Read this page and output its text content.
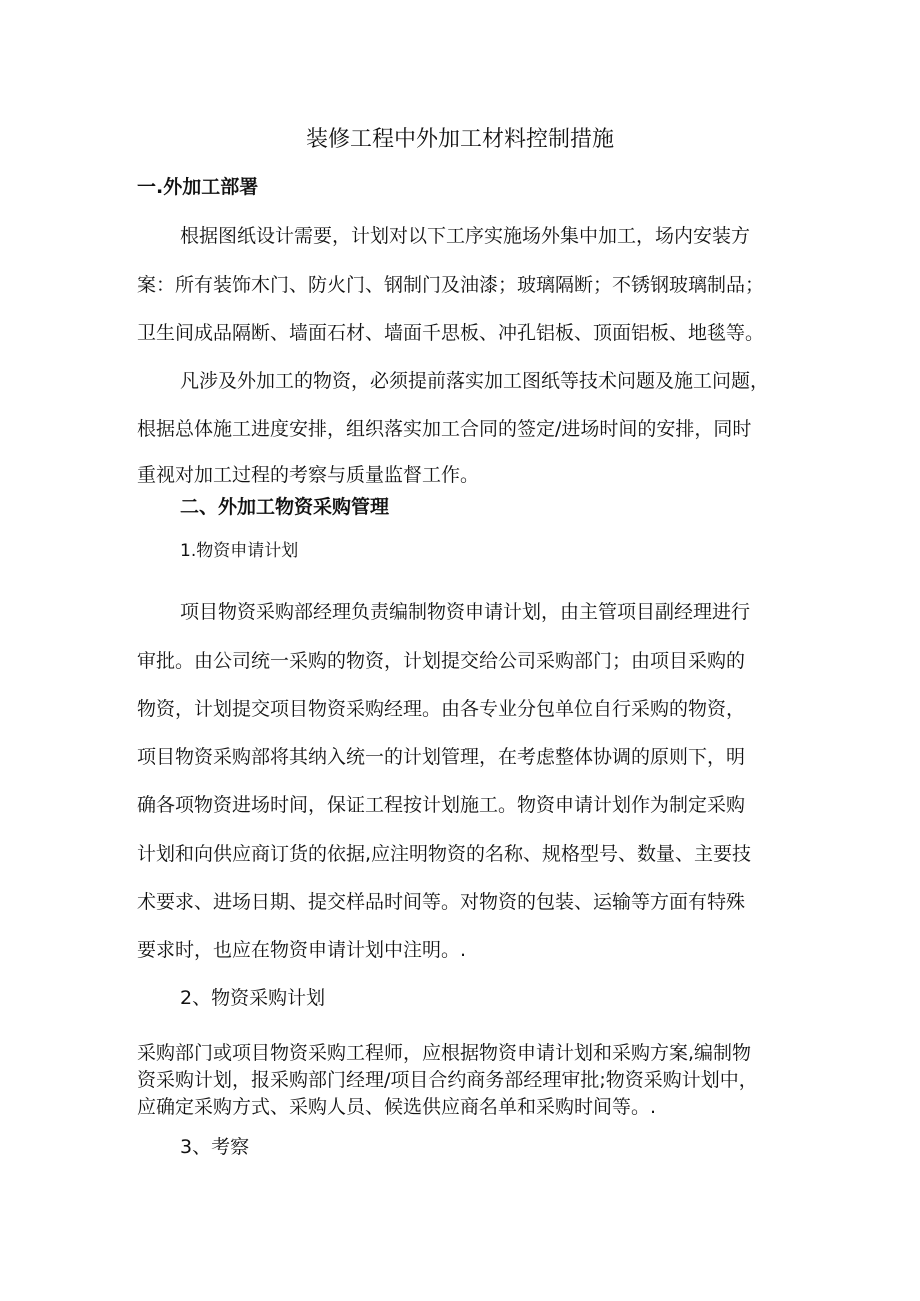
装修工程中外加工材料控制措施
一.外加工部署
根据图纸设计需要，计划对以下工序实施场外集中加工，场内安装方
案：所有装饰木门、防火门、钢制门及油漆；玻璃隔断；不锈钢玻璃制品；
卫生间成品隔断、墙面石材、墙面千思板、冲孔铝板、顶面铝板、地毯等。
凡涉及外加工的物资，必须提前落实加工图纸等技术问题及施工问题，
根据总体施工进度安排，组织落实加工合同的签定/进场时间的安排，同时
重视对加工过程的考察与质量监督工作。
二、外加工物资采购管理
1.物资申请计划
项目物资采购部经理负责编制物资申请计划，由主管项目副经理进行
审批。由公司统一采购的物资，计划提交给公司采购部门；由项目采购的
物资，计划提交项目物资采购经理。由各专业分包单位自行采购的物资，
项目物资采购部将其纳入统一的计划管理，在考虑整体协调的原则下，明
确各项物资进场时间，保证工程按计划施工。物资申请计划作为制定采购
计划和向供应商订货的依据,应注明物资的名称、规格型号、数量、主要技
术要求、进场日期、提交样品时间等。对物资的包装、运输等方面有特殊
要求时，也应在物资申请计划中注明。.
2、物资采购计划
采购部门或项目物资采购工程师，应根据物资申请计划和采购方案,编制物
资采购计划，报采购部门经理/项目合约商务部经理审批;物资采购计划中，
应确定采购方式、采购人员、候选供应商名单和采购时间等。.
3、考察
